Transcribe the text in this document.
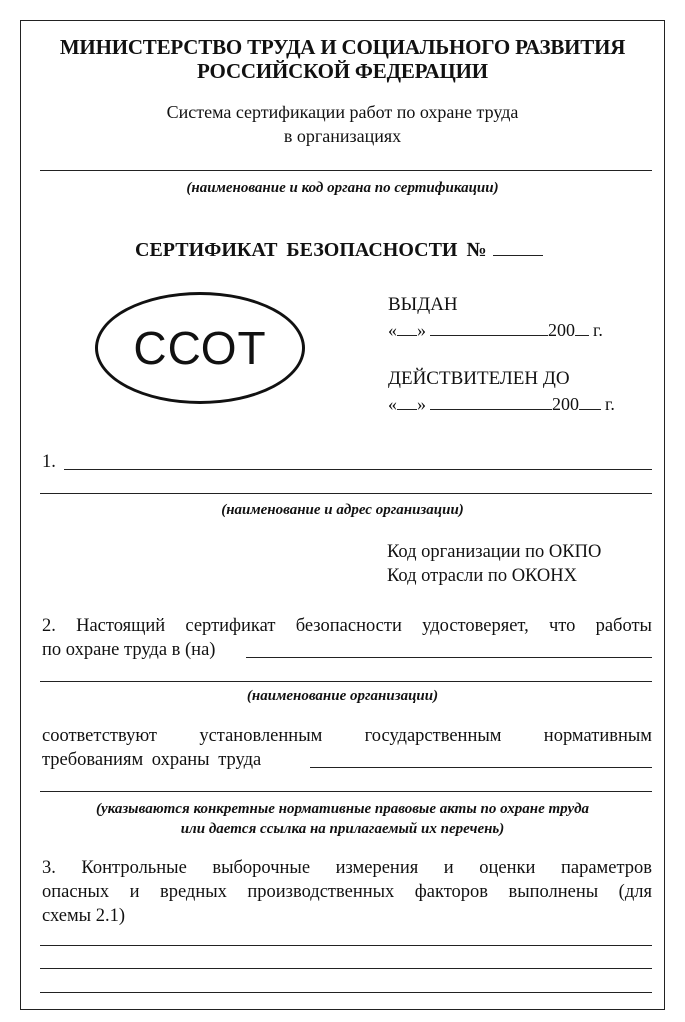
МИНИСТЕРСТВО ТРУДА И СОЦИАЛЬНОГО РАЗВИТИЯ
РОССИЙСКОЙ ФЕДЕРАЦИИ
Система сертификации работ по охране труда
в организациях
(наименование и код органа по сертификации)
СЕРТИФИКАТ БЕЗОПАСНОСТИ №
ССОТ
ВЫДАН
« »	200 г.
ДЕЙСТВИТЕЛЕН ДО
« »	200 г.
1.
(наименование и адрес организации)
Код организации по ОКПО
Код отрасли по ОКОНХ
2. Настоящий сертификат безопасности удостоверяет, что работы
по охране труда в (на)
(наименование организации)
соответствуют установленным государственным нормативным
требованиям охраны труда
(указываются конкретные нормативные правовые акты по охране труда
или дается ссылка на прилагаемый их перечень)
3. Контрольные выборочные измерения и оценки параметров
опасных и вредных производственных факторов выполнены (для
схемы 2.1)
